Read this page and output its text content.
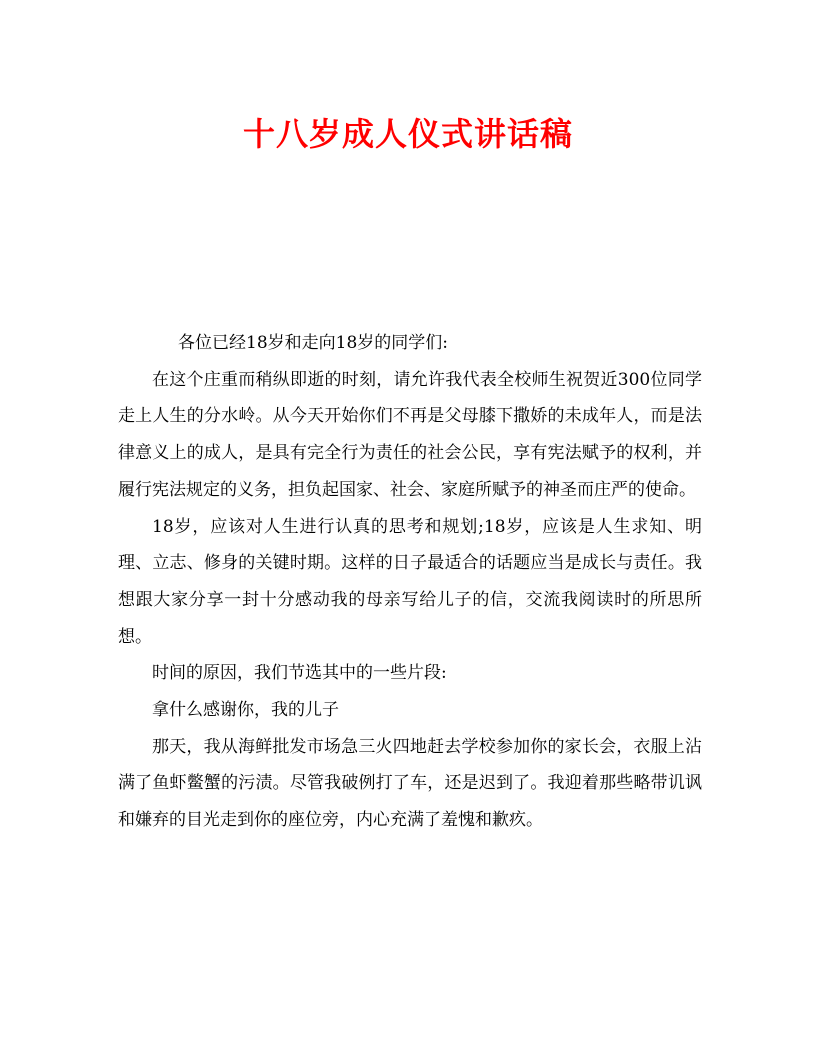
十八岁成人仪式讲话稿

各位已经18岁和走向18岁的同学们:

在这个庄重而稍纵即逝的时刻，请允许我代表全校师生祝贺近300位同学走上人生的分水岭。从今天开始你们不再是父母膝下撒娇的未成年人，而是法律意义上的成人，是具有完全行为责任的社会公民，享有宪法赋予的权利，并履行宪法规定的义务，担负起国家、社会、家庭所赋予的神圣而庄严的使命。

18岁，应该对人生进行认真的思考和规划;18岁，应该是人生求知、明理、立志、修身的关键时期。这样的日子最适合的话题应当是成长与责任。我想跟大家分享一封十分感动我的母亲写给儿子的信，交流我阅读时的所思所想。

时间的原因，我们节选其中的一些片段:

拿什么感谢你，我的儿子

那天，我从海鲜批发市场急三火四地赶去学校参加你的家长会，衣服上沾满了鱼虾鳖蟹的污渍。尽管我破例打了车，还是迟到了。我迎着那些略带讥讽和嫌弃的目光走到你的座位旁，内心充满了羞愧和歉疚。
